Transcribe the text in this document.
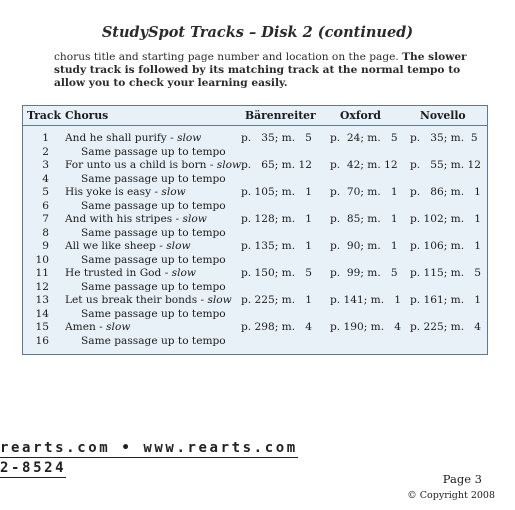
StudySpot Tracks – Disk 2 (continued)
chorus title and starting page number and location on the page. The slower study track is followed by its matching track at the normal tempo to allow you to check your learning easily.
Track Chorus	Bärenreiter Oxford	Novello
1 And he shall purify - slow	p.   35; m.   5 p.  24; m.   5 p.   35; m.  5
2	Same passage up to tempo
3 For unto us a child is born - slow p.   65; m. 12 p.  42; m. 12 p.   55; m. 12
4	Same passage up to tempo
5 His yoke is easy - slow	p. 105; m.   1 p.  70; m.   1 p.   86; m.   1
6	Same passage up to tempo
7 And with his stripes - slow	p. 128; m.   1 p.  85; m.   1 p. 102; m.   1
8	Same passage up to tempo
9 All we like sheep - slow	p. 135; m.   1 p.  90; m.   1 p. 106; m.   1
10	Same passage up to tempo
11 He trusted in God - slow	p. 150; m.   5 p.  99; m.   5 p. 115; m.   5
12	Same passage up to tempo
13 Let us break their bonds - slow p. 225; m.   1 p. 141; m.   1 p. 161; m.   1
14	Same passage up to tempo
15 Amen - slow	p. 298; m.   4 p. 190; m.   4 p. 225; m.   4
16	Same passage up to tempo
rearts.com • www.rearts.com
2-8524
Page 3
© Copyright 2008
